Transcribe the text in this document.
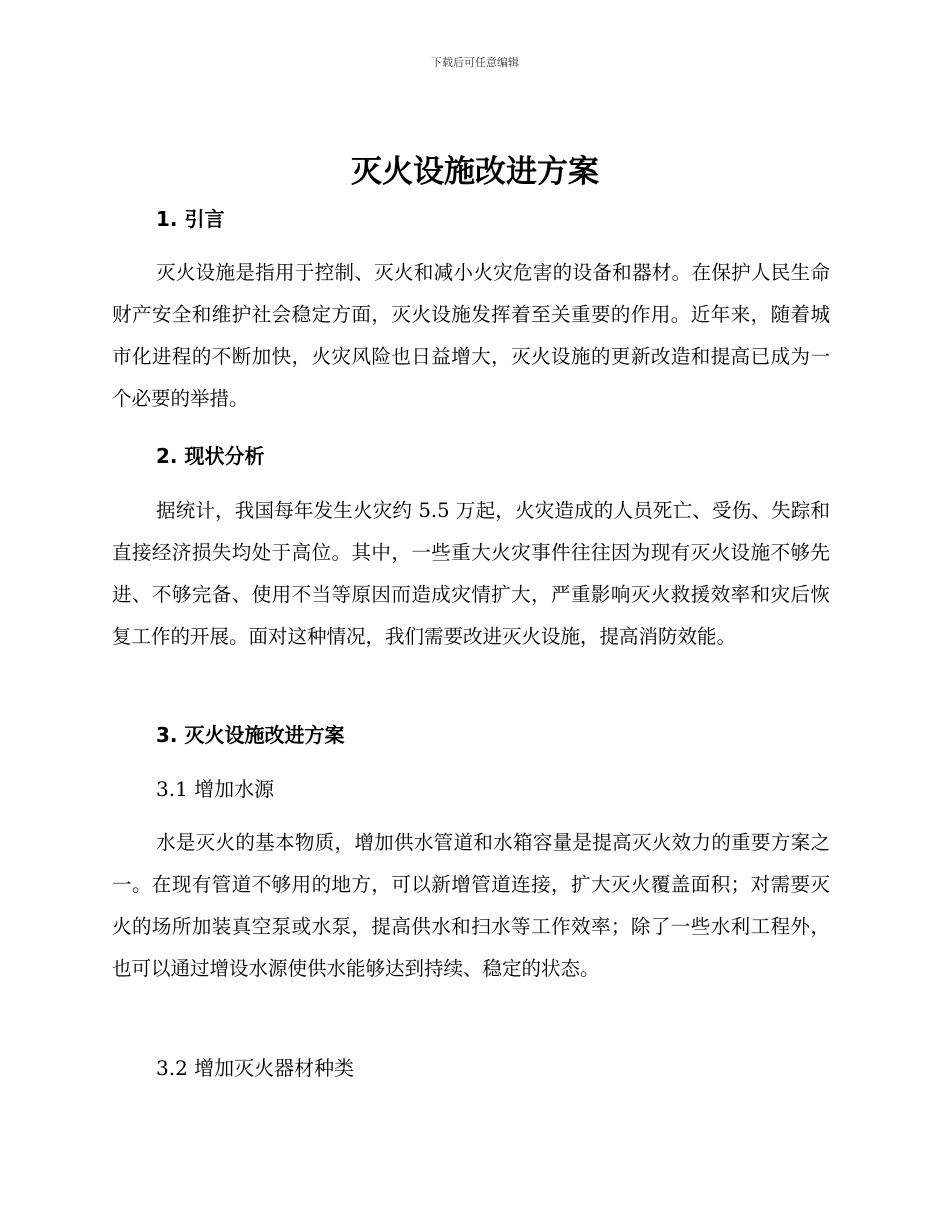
下载后可任意编辑
灭火设施改进方案
1. 引言

灭火设施是指用于控制、灭火和减小火灾危害的设备和器材。在保护人民生命财产安全和维护社会稳定方面，灭火设施发挥着至关重要的作用。近年来，随着城市化进程的不断加快，火灾风险也日益增大，灭火设施的更新改造和提高已成为一个必要的举措。

2. 现状分析

据统计，我国每年发生火灾约 5.5 万起，火灾造成的人员死亡、受伤、失踪和直接经济损失均处于高位。其中，一些重大火灾事件往往因为现有灭火设施不够先进、不够完备、使用不当等原因而造成灾情扩大，严重影响灭火救援效率和灾后恢复工作的开展。面对这种情况，我们需要改进灭火设施，提高消防效能。

3. 灭火设施改进方案
3.1 增加水源

水是灭火的基本物质，增加供水管道和水箱容量是提高灭火效力的重要方案之一。在现有管道不够用的地方，可以新增管道连接，扩大灭火覆盖面积；对需要灭火的场所加装真空泵或水泵，提高供水和扫水等工作效率；除了一些水利工程外，也可以通过增设水源使供水能够达到持续、稳定的状态。

3.2 增加灭火器材种类
